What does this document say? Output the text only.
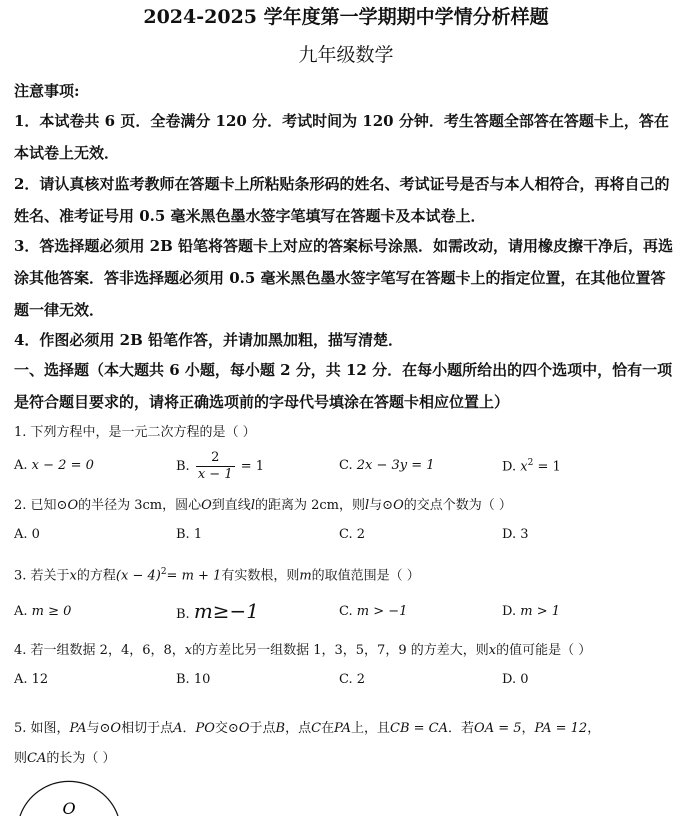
2024-2025 学年度第一学期期中学情分析样题
九年级数学
注意事项:
1．本试卷共 6 页．全卷满分 120 分．考试时间为 120 分钟．考生答题全部答在答题卡上，答在本试卷上无效．
2．请认真核对监考教师在答题卡上所粘贴条形码的姓名、考试证号是否与本人相符合，再将自己的姓名、准考证号用 0.5 毫米黑色墨水签字笔填写在答题卡及本试卷上．
3．答选择题必须用 2B 铅笔将答题卡上对应的答案标号涂黑．如需改动，请用橡皮擦干净后，再选涂其他答案．答非选择题必须用 0.5 毫米黑色墨水签字笔写在答题卡上的指定位置，在其他位置答题一律无效．
4．作图必须用 2B 铅笔作答，并请加黑加粗，描写清楚．
一、选择题（本大题共 6 小题，每小题 2 分，共 12 分．在每小题所给出的四个选项中，恰有一项是符合题目要求的，请将正确选项前的字母代号填涂在答题卡相应位置上）
1. 下列方程中，是一元二次方程的是（ ）
A. x − 2 = 0	B. $\frac{2}{x - 1} = 1$	C. 2x − 3y = 1	D. $x^2 = 1$
2. 已知⊙O的半径为 3cm，圆心O到直线l的距离为 2cm，则l与⊙O的交点个数为（ ）
A. 0	B. 1	C. 2	D. 3
3. 若关于x的方程$(x - 4)^2= m + 1$有实数根，则m的取值范围是（ ）
A. m ≥ 0	B. m≥−1	C. m > −1	D. m > 1
4. 若一组数据 2，4，6，8，x的方差比另一组数据 1，3，5，7，9 的方差大，则x的值可能是（ ）
A. 12	B. 10	C. 2	D. 0
5. 如图，PA与⊙O相切于点A．PO交⊙O于点B，点C在PA上，且CB = CA．若OA = 5，PA = 12，
则CA的长为（ ）
O
